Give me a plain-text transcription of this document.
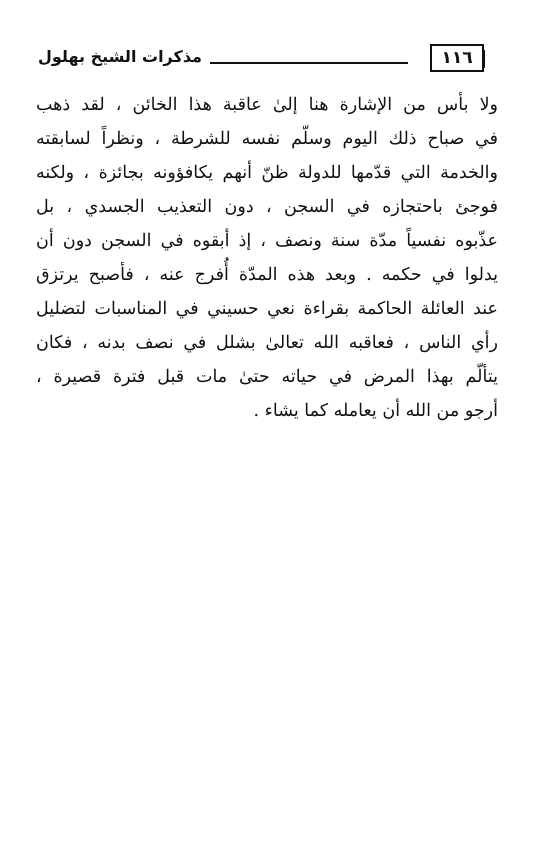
١١٦
مذكرات الشيخ بهلول
ولا بأس من الإشارة هنا إلىٰ عاقبة هذا الخائن ، لقد ذهب
في صباح ذلك اليوم وسلّم نفسه للشرطة ، ونظراً لسابقته
والخدمة التي قدّمها للدولة ظنّ أنهم يكافؤونه بجائزة ، ولكنه
فوجئ باحتجازه في السجن ، دون التعذيب الجسدي ، بل
عذّبوه نفسياً مدّة سنة ونصف ، إذ أبقوه في السجن دون أن
يدلوا في حكمه . وبعد هذه المدّة أُفرج عنه ، فأصبح يرتزق
عند العائلة الحاكمة بقراءة نعي حسيني في المناسبات لتضليل
رأي الناس ، فعاقبه الله تعالىٰ بشلل في نصف بدنه ، فكان
يتألّم بهذا المرض في حياته حتىٰ مات قبل فترة قصيرة ،
أرجو من الله أن يعامله كما يشاء .
